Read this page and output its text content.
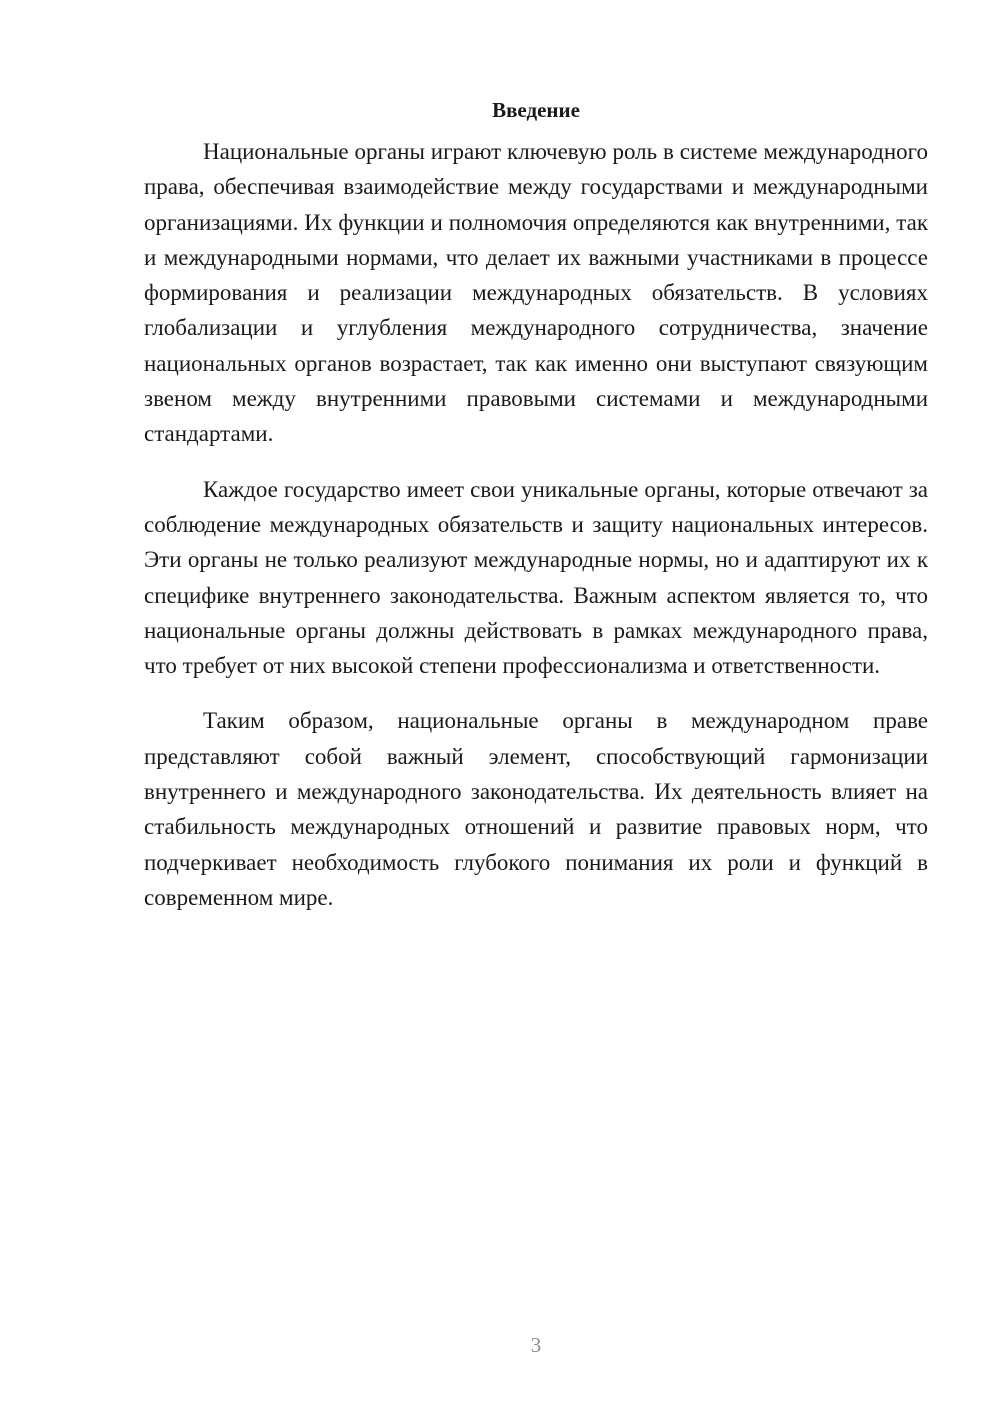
Введение

Национальные органы играют ключевую роль в системе международного права, обеспечивая взаимодействие между государствами и международными организациями. Их функции и полномочия определяются как внутренними, так и международными нормами, что делает их важными участниками в процессе формирования и реализации международных обязательств. В условиях глобализации и углубления международного сотрудничества, значение национальных органов возрастает, так как именно они выступают связующим звеном между внутренними правовыми системами и международными стандартами.

Каждое государство имеет свои уникальные органы, которые отвечают за соблюдение международных обязательств и защиту национальных интересов. Эти органы не только реализуют международные нормы, но и адаптируют их к специфике внутреннего законодательства. Важным аспектом является то, что национальные органы должны действовать в рамках международного права, что требует от них высокой степени профессионализма и ответственности.

Таким образом, национальные органы в международном праве представляют собой важный элемент, способствующий гармонизации внутреннего и международного законодательства. Их деятельность влияет на стабильность международных отношений и развитие правовых норм, что подчеркивает необходимость глубокого понимания их роли и функций в современном мире.

3
